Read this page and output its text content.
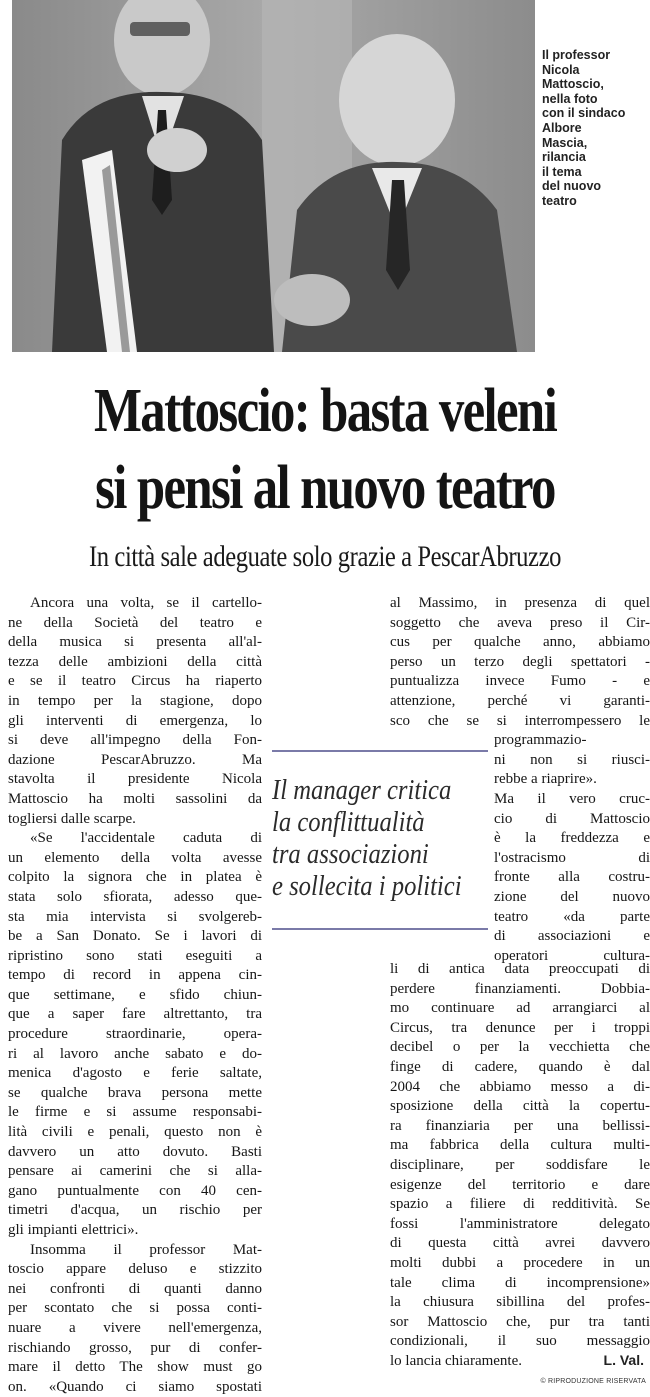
Il professor
Nicola
Mattoscio,
nella foto
con il sindaco
Albore
Mascia,
rilancia
il tema
del nuovo
teatro
Mattoscio: basta veleni
si pensi al nuovo teatro
In città sale adeguate solo grazie a PescarAbruzzo
Ancora una volta, se il cartello-
ne della Società del teatro e
della musica si presenta all'al-
tezza delle ambizioni della città
e se il teatro Circus ha riaperto
in tempo per la stagione, dopo
gli interventi di emergenza, lo
si deve all'impegno della Fon-
dazione PescarAbruzzo. Ma
stavolta il presidente Nicola
Mattoscio ha molti sassolini da
togliersi dalle scarpe.
«Se l'accidentale caduta di
un elemento della volta avesse
colpito la signora che in platea è
stata solo sfiorata, adesso que-
sta mia intervista si svolgereb-
be a San Donato. Se i lavori di
ripristino sono stati eseguiti a
tempo di record in appena cin-
que settimane, e sfido chiun-
que a saper fare altrettanto, tra
procedure straordinarie, opera-
ri al lavoro anche sabato e do-
menica d'agosto e ferie saltate,
se qualche brava persona mette
le firme e si assume responsabi-
lità civili e penali, questo non è
davvero un atto dovuto. Basti
pensare ai camerini che si alla-
gano puntualmente con 40 cen-
timetri d'acqua, un rischio per
gli impianti elettrici».
Insomma il professor Mat-
toscio appare deluso e stizzito
nei confronti di quanti danno
per scontato che si possa conti-
nuare a vivere nell'emergenza,
rischiando grosso, pur di confer-
mare il detto The show must go
on. «Quando ci siamo spostati
Il manager critica
la conflittualità
tra associazioni
e sollecita i politici
al Massimo, in presenza di quel
soggetto che aveva preso il Cir-
cus per qualche anno, abbiamo
perso un terzo degli spettatori -
puntualizza invece Fumo - e
attenzione, perché vi garanti-
sco che se si interrompessero le
programmazio-
ni non si riusci-
rebbe a riaprire».
Ma il vero cruc-
cio di Mattoscio
è la freddezza e
l'ostracismo di
fronte alla costru-
zione del nuovo
teatro «da parte
di associazioni e
operatori cultura-
li di antica data preoccupati di
perdere finanziamenti. Dobbia-
mo continuare ad arrangiarci al
Circus, tra denunce per i troppi
decibel o per la vecchietta che
finge di cadere, quando è dal
2004 che abbiamo messo a di-
sposizione della città la copertu-
ra finanziaria per una bellissi-
ma fabbrica della cultura multi-
disciplinare, per soddisfare le
esigenze del territorio e dare
spazio a filiere di redditività. Se
fossi l'amministratore delegato
di questa città avrei davvero
molti dubbi a procedere in un
tale clima di incomprensione»
la chiusura sibillina del profes-
sor Mattoscio che, pur tra tanti
condizionali, il suo messaggio
lo lancia chiaramente.	L. Val.
© RIPRODUZIONE RISERVATA
